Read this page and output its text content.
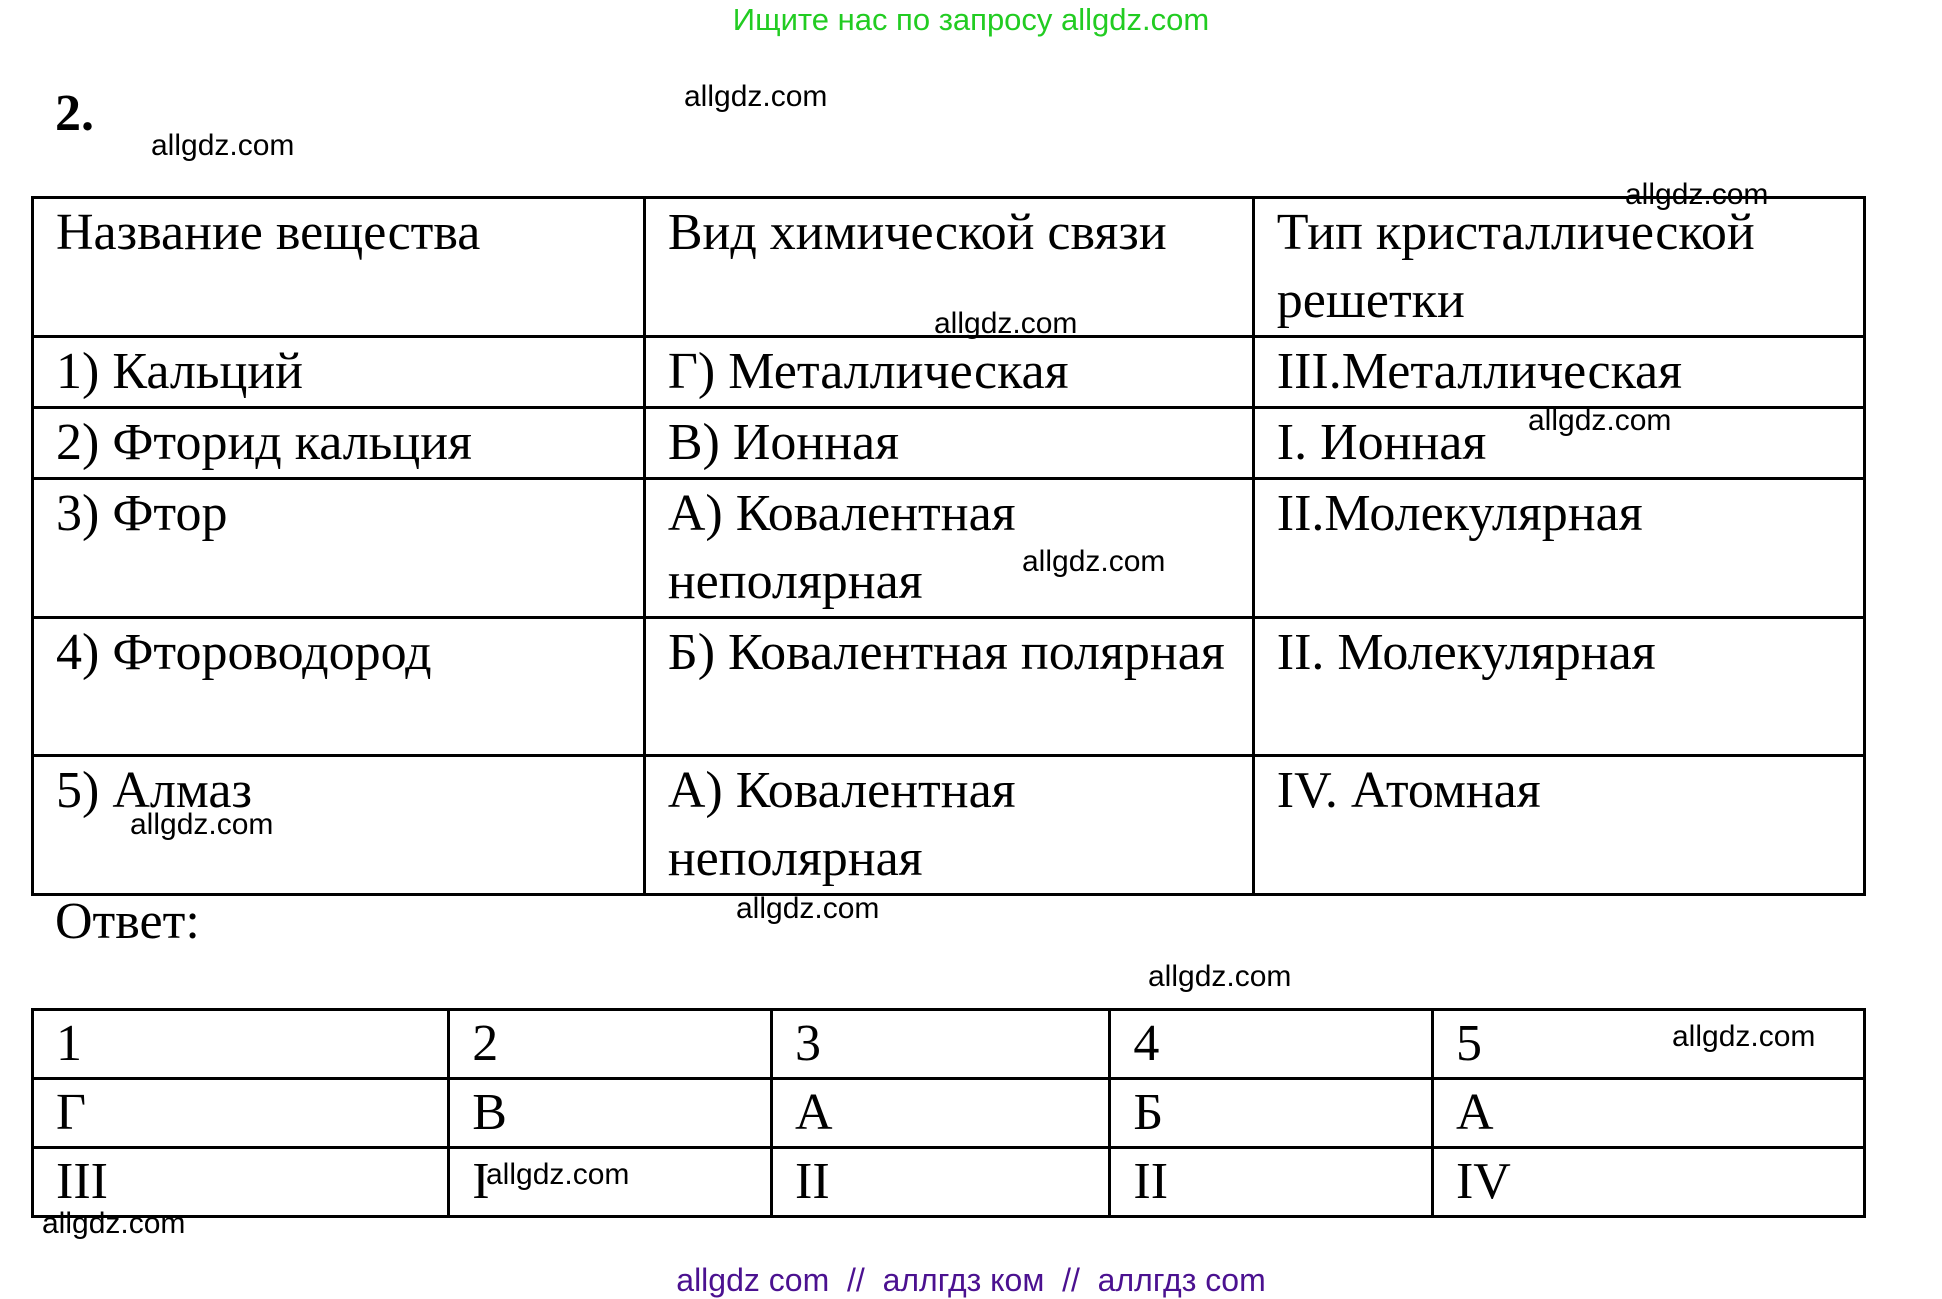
Ищите нас по запросу allgdz.com
2.
Название вещества	Вид химической связи	Тип кристаллической решетки
1) Кальций	Г) Металлическая	III.Металлическая
2) Фторид кальция	В) Ионная	I. Ионная
3) Фтор	А) Ковалентная неполярная	II.Молекулярная
4) Фтороводород	Б) Ковалентная полярная	II. Молекулярная
5) Алмаз	А) Ковалентная неполярная	IV. Атомная
Ответ:
1	2	3	4	5
Г	В	А	Б	А
III	I	II	II	IV
allgdz.com
allgdz.com
allgdz.com
allgdz.com
allgdz.com
allgdz.com
allgdz.com
allgdz.com
allgdz.com
allgdz.com
allgdz.com
allgdz.com
allgdz com  //  аллгдз ком  //  аллгдз com
